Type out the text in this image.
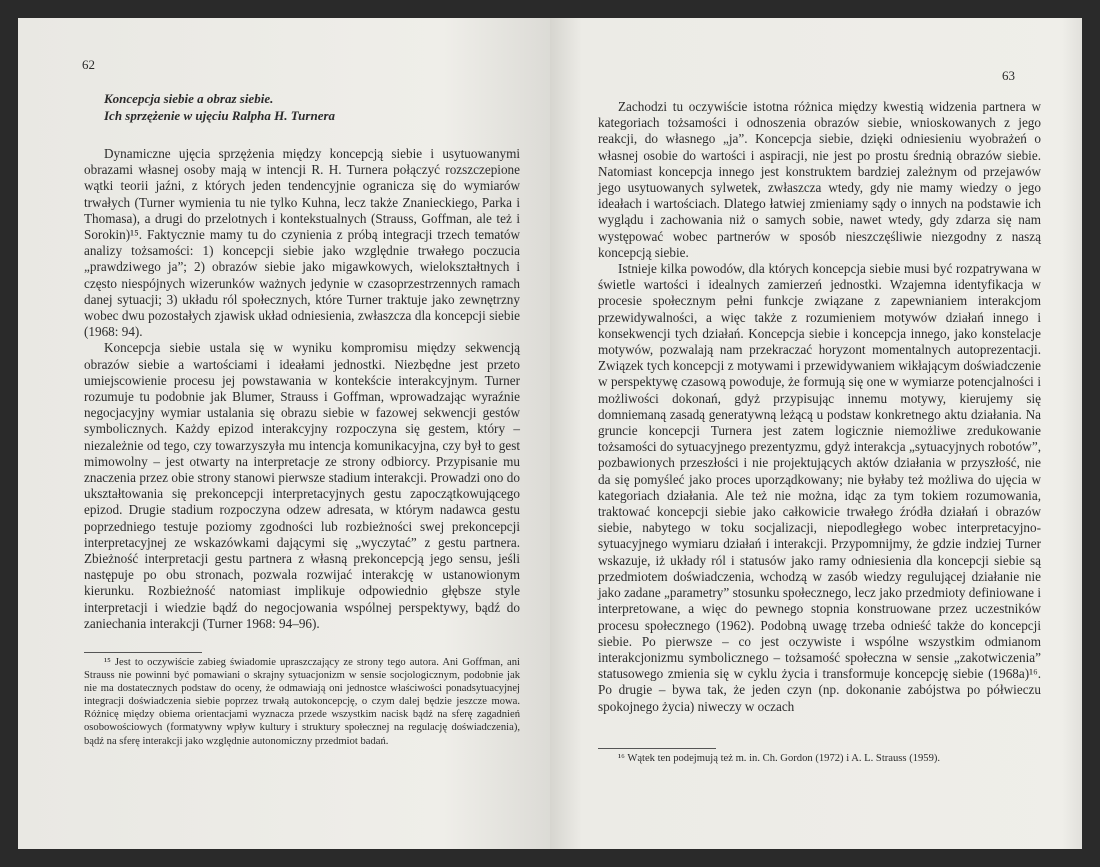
62
Koncepcja siebie a obraz siebie.
Ich sprzężenie w ujęciu Ralpha H. Turnera

Dynamiczne ujęcia sprzężenia między koncepcją siebie i usytuowanymi obrazami własnej osoby mają w intencji R. H. Turnera połączyć rozszczepione wątki teorii jaźni, z których jeden tendencyjnie ogranicza się do wymiarów trwałych (Turner wymienia tu nie tylko Kuhna, lecz także Znanieckiego, Parka i Thomasa), a drugi do przelotnych i kontekstualnych (Strauss, Goffman, ale też i Sorokin)¹⁵. Faktycznie mamy tu do czynienia z próbą integracji trzech tematów analizy tożsamości: 1) koncepcji siebie jako względnie trwałego poczucia „prawdziwego ja”; 2) obrazów siebie jako migawkowych, wielokształtnych i często niespójnych wizerunków ważnych jedynie w czasoprzestrzennych ramach danej sytuacji; 3) układu ról społecznych, które Turner traktuje jako zewnętrzny wobec dwu pozostałych zjawisk układ odniesienia, zwłaszcza dla koncepcji siebie (1968: 94).

Koncepcja siebie ustala się w wyniku kompromisu między sekwencją obrazów siebie a wartościami i ideałami jednostki. Niezbędne jest przeto umiejscowienie procesu jej powstawania w kontekście interakcyjnym. Turner rozumuje tu podobnie jak Blumer, Strauss i Goffman, wprowadzając wyraźnie negocjacyjny wymiar ustalania się obrazu siebie w fazowej sekwencji gestów symbolicznych. Każdy epizod interakcyjny rozpoczyna się gestem, który – niezależnie od tego, czy towarzyszyła mu intencja komunikacyjna, czy był to gest mimowolny – jest otwarty na interpretacje ze strony odbiorcy. Przypisanie mu znaczenia przez obie strony stanowi pierwsze stadium interakcji. Prowadzi ono do ukształtowania się prekoncepcji interpretacyjnych gestu zapoczątkowującego epizod. Drugie stadium rozpoczyna odzew adresata, w którym nadawca gestu poprzedniego testuje poziomy zgodności lub rozbieżności swej prekoncepcji interpretacyjnej ze wskazówkami dającymi się „wyczytać” z gestu partnera. Zbieżność interpretacji gestu partnera z własną prekoncepcją jego sensu, jeśli następuje po obu stronach, pozwala rozwijać interakcję w ustanowionym kierunku. Rozbieżność natomiast implikuje odpowiednio głębsze style interpretacji i wiedzie bądź do negocjowania wspólnej perspektywy, bądź do zaniechania interakcji (Turner 1968: 94–96).

¹⁵ Jest to oczywiście zabieg świadomie upraszczający ze strony tego autora. Ani Goffman, ani Strauss nie powinni być pomawiani o skrajny sytuacjonizm w sensie socjologicznym, podobnie jak nie ma dostatecznych podstaw do oceny, że odmawiają oni jednostce właściwości ponadsytuacyjnej integracji doświadczenia siebie poprzez trwałą autokoncepcję, o czym dalej będzie jeszcze mowa. Różnicę między obiema orientacjami wyznacza przede wszystkim nacisk bądź na sferę zagadnień osobowościowych (formatywny wpływ kultury i struktury społecznej na regulację doświadczenia), bądź na sferę interakcji jako względnie autonomiczny przedmiot badań.

63

Zachodzi tu oczywiście istotna różnica między kwestią widzenia partnera w kategoriach tożsamości i odnoszenia obrazów siebie, wnioskowanych z jego reakcji, do własnego „ja”. Koncepcja siebie, dzięki odniesieniu wyobrażeń o własnej osobie do wartości i aspiracji, nie jest po prostu średnią obrazów siebie. Natomiast koncepcja innego jest konstruktem bardziej zależnym od przejawów jego usytuowanych sylwetek, zwłaszcza wtedy, gdy nie mamy wiedzy o jego ideałach i wartościach. Dlatego łatwiej zmieniamy sądy o innych na podstawie ich wyglądu i zachowania niż o samych sobie, nawet wtedy, gdy zdarza się nam występować wobec partnerów w sposób nieszczęśliwie niezgodny z naszą koncepcją siebie.

Istnieje kilka powodów, dla których koncepcja siebie musi być rozpatrywana w świetle wartości i idealnych zamierzeń jednostki. Wzajemna identyfikacja w procesie społecznym pełni funkcje związane z zapewnianiem interakcjom przewidywalności, a więc także z rozumieniem motywów działań innego i konsekwencji tych działań. Koncepcja siebie i koncepcja innego, jako konstelacje motywów, pozwalają nam przekraczać horyzont momentalnych autoprezentacji. Związek tych koncepcji z motywami i przewidywaniem wikłającym doświadczenie w perspektywę czasową powoduje, że formują się one w wymiarze potencjalności i możliwości dokonań, gdyż przypisując innemu motywy, kierujemy się domniemaną zasadą generatywną leżącą u podstaw konkretnego aktu działania. Na gruncie koncepcji Turnera jest zatem logicznie niemożliwe zredukowanie tożsamości do sytuacyjnego prezentyzmu, gdyż interakcja „sytuacyjnych robotów”, pozbawionych przeszłości i nie projektujących aktów działania w przyszłość, nie da się pomyśleć jako proces uporządkowany; nie byłaby też możliwa do ujęcia w kategoriach działania. Ale też nie można, idąc za tym tokiem rozumowania, traktować koncepcji siebie jako całkowicie trwałego źródła działań i obrazów siebie, nabytego w toku socjalizacji, niepodległego wobec interpretacyjno-sytuacyjnego wymiaru działań i interakcji. Przypomnijmy, że gdzie indziej Turner wskazuje, iż układy ról i statusów jako ramy odniesienia dla koncepcji siebie są przedmiotem doświadczenia, wchodzą w zasób wiedzy regulującej działanie nie jako zadane „parametry” stosunku społecznego, lecz jako przedmioty definiowane i interpretowane, a więc do pewnego stopnia konstruowane przez uczestników procesu społecznego (1962). Podobną uwagę trzeba odnieść także do koncepcji siebie. Po pierwsze – co jest oczywiste i wspólne wszystkim odmianom interakcjonizmu symbolicznego – tożsamość społeczna w sensie „zakotwiczenia” statusowego zmienia się w cyklu życia i transformuje koncepcję siebie (1968a)¹⁶. Po drugie – bywa tak, że jeden czyn (np. dokonanie zabójstwa po półwieczu spokojnego życia) niweczy w oczach

¹⁶ Wątek ten podejmują też m. in. Ch. Gordon (1972) i A. L. Strauss (1959).
